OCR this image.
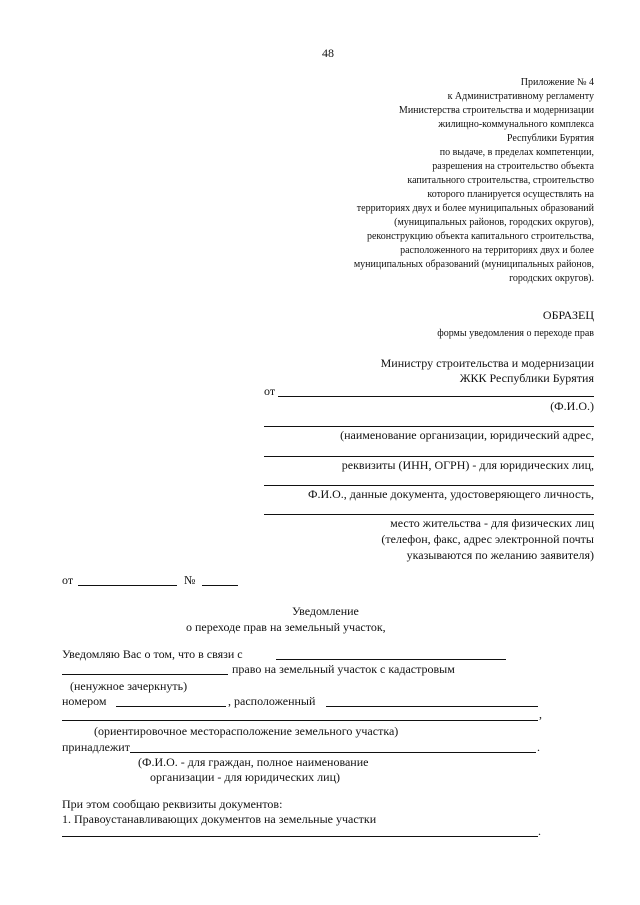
48
Приложение № 4
к Административному регламенту
Министерства строительства и модернизации
жилищно-коммунального комплекса
Республики Бурятия
по выдаче, в пределах компетенции,
разрешения на строительство объекта
капитального строительства, строительство
которого планируется осуществлять на
территориях двух и более муниципальных образований
(муниципальных районов, городских округов),
реконструкцию объекта капитального строительства,
расположенного на территориях двух и более
муниципальных образований (муниципальных районов,
городских округов).
ОБРАЗЕЦ
формы уведомления о переходе прав
Министру строительства и модернизации
ЖКК Республики Бурятия
от
(Ф.И.О.)
(наименование организации, юридический адрес,
реквизиты (ИНН, ОГРН) - для юридических лиц,
Ф.И.О., данные документа, удостоверяющего личность,
место жительства - для физических лиц
(телефон, факс, адрес электронной почты
указываются по желанию заявителя)
от	№
Уведомление
о переходе прав на земельный участок,
Уведомляю Вас о том, что в связи с
право на земельный участок с кадастровым
(ненужное зачеркнуть)
номером	, расположенный
,
(ориентировочное месторасположение земельного участка)
принадлежит	.
(Ф.И.О. - для граждан, полное наименование
организации - для юридических лиц)
При этом сообщаю реквизиты документов:
1. Правоустанавливающих документов на земельные участки
.
